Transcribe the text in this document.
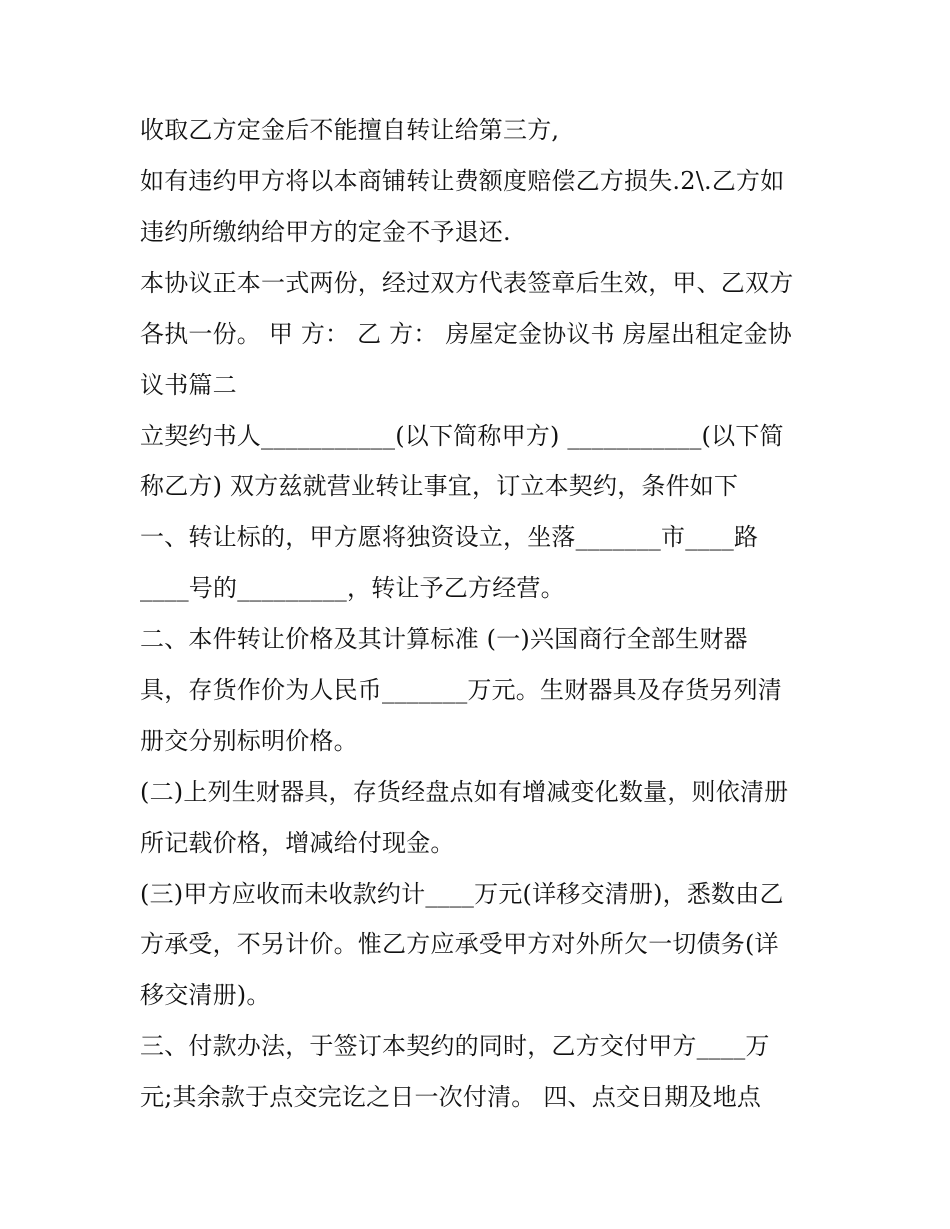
收取乙方定金后不能擅自转让给第三方,
如有违约甲方将以本商铺转让费额度赔偿乙方损失.2\.乙方如
违约所缴纳给甲方的定金不予退还.
本协议正本一式两份，经过双方代表签章后生效，甲、乙双方
各执一份。 甲 方： 乙 方： 房屋定金协议书 房屋出租定金协
议书篇二
立契约书人___________(以下简称甲方) ___________(以下简
称乙方) 双方兹就营业转让事宜，订立本契约，条件如下
一、转让标的，甲方愿将独资设立，坐落_______市____路
____号的_________，转让予乙方经营。
二、本件转让价格及其计算标准 (一)兴国商行全部生财器
具，存货作价为人民币_______万元。生财器具及存货另列清
册交分别标明价格。
(二)上列生财器具，存货经盘点如有增减变化数量，则依清册
所记载价格，增减给付现金。
(三)甲方应收而未收款约计____万元(详移交清册)，悉数由乙
方承受，不另计价。惟乙方应承受甲方对外所欠一切债务(详
移交清册)。
三、付款办法，于签订本契约的同时，乙方交付甲方____万
元;其余款于点交完讫之日一次付清。 四、点交日期及地点
